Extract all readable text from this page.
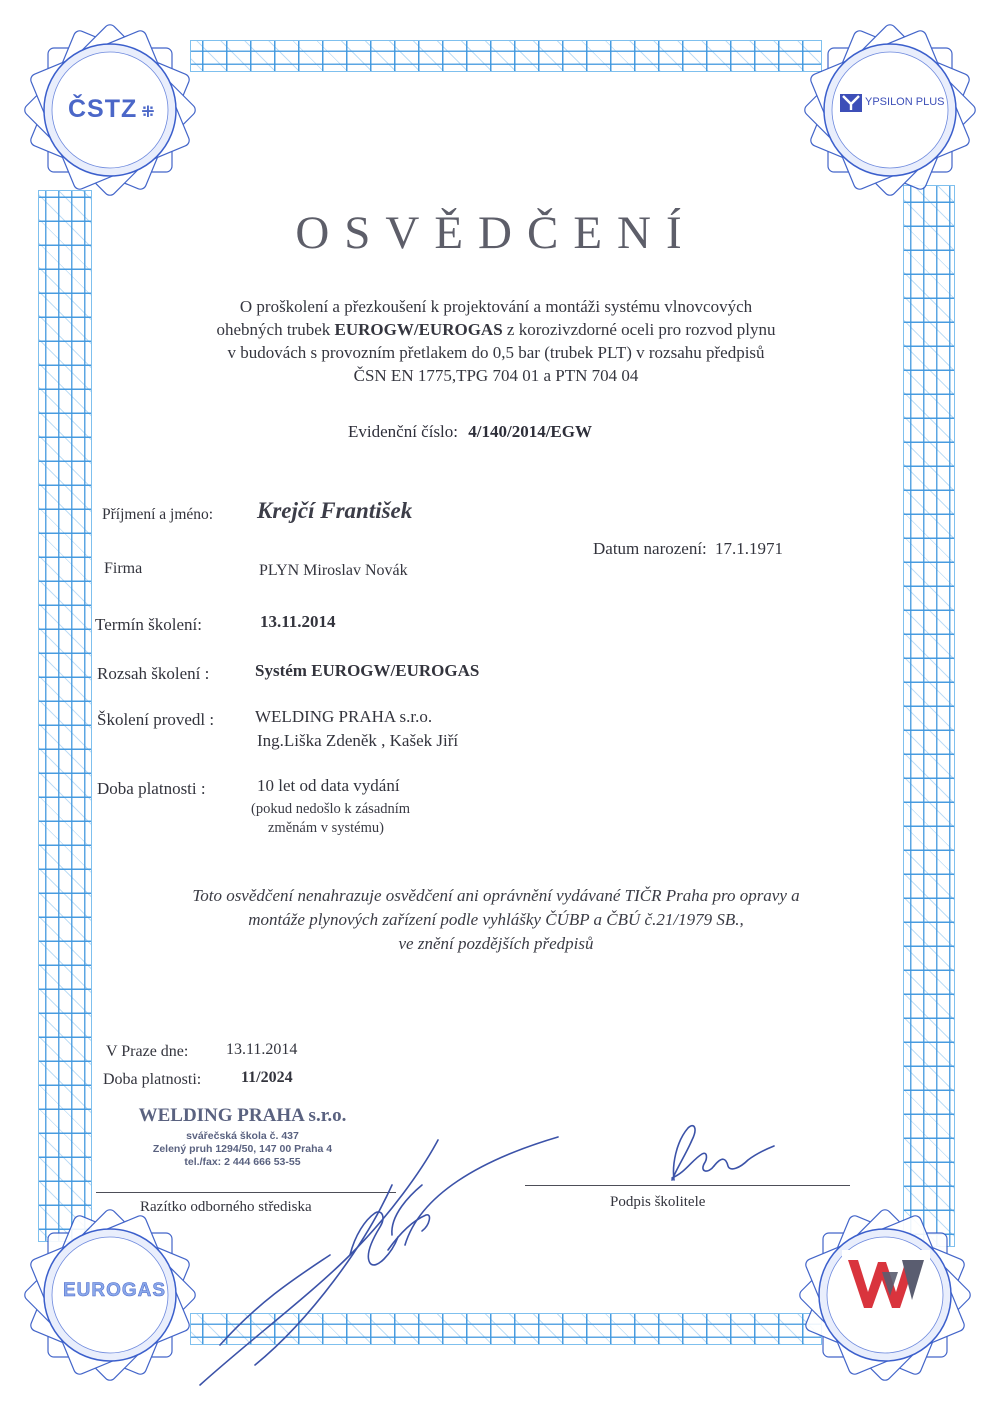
ČSTZ ⁜
YPSILON PLUS
EUROGAS
OSVĚDČENÍ
O proškolení a přezkoušení k projektování a montáži systému vlnovcových
ohebných trubek EUROGW/EUROGAS z korozivzdorné oceli pro rozvod plynu
v budovách s provozním přetlakem do 0,5 bar (trubek PLT) v rozsahu předpisů
ČSN EN 1775,TPG 704 01 a PTN 704 04
Evidenční číslo: 4/140/2014/EGW
Příjmení a jméno: Krejčí František
Datum narození: 17.1.1971
Firma	PLYN Miroslav Novák
Termín školení:	13.11.2014
Rozsah školení :	Systém EUROGW/EUROGAS
Školení provedl : WELDING PRAHA s.r.o.
Ing.Liška Zdeněk , Kašek Jiří
Doba platnosti :	10 let od data vydání
(pokud nedošlo k zásadním
změnám v systému)
Toto osvědčení nenahrazuje osvědčení ani oprávnění vydávané TIČR Praha pro opravy a
montáže plynových zařízení podle vyhlášky ČÚBP a ČBÚ č.21/1979 SB.,
ve znění pozdějších předpisů
V Praze dne: 13.11.2014
Doba platnosti: 11/2024
WELDING PRAHA s.r.o.
svářečská škola č. 437
Zelený pruh 1294/50, 147 00 Praha 4
tel./fax: 2 444 666 53-55
Razítko odborného střediska	Podpis školitele
